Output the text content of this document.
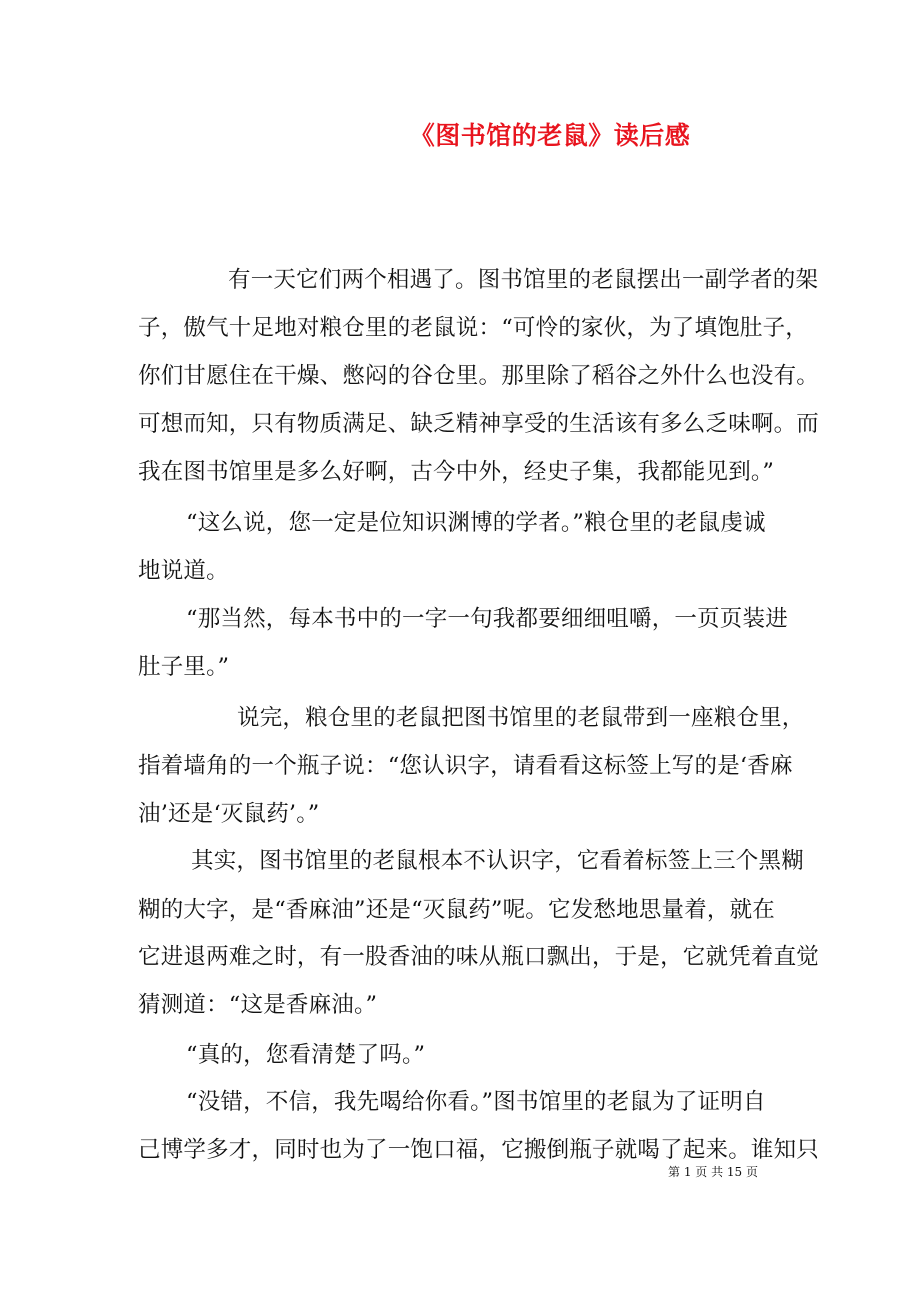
《图书馆的老鼠》读后感
有一天它们两个相遇了。图书馆里的老鼠摆出一副学者的架
子，傲气十足地对粮仓里的老鼠说：“可怜的家伙，为了填饱肚子，
你们甘愿住在干燥、憋闷的谷仓里。那里除了稻谷之外什么也没有。
可想而知，只有物质满足、缺乏精神享受的生活该有多么乏味啊。而
我在图书馆里是多么好啊，古今中外，经史子集，我都能见到。”
“这么说，您一定是位知识渊博的学者。”粮仓里的老鼠虔诚
地说道。
“那当然，每本书中的一字一句我都要细细咀嚼，一页页装进
肚子里。”
说完，粮仓里的老鼠把图书馆里的老鼠带到一座粮仓里，
指着墙角的一个瓶子说：“您认识字，请看看这标签上写的是‘香麻
油’还是‘灭鼠药’。”
其实，图书馆里的老鼠根本不认识字，它看着标签上三个黑糊
糊的大字，是“香麻油”还是“灭鼠药”呢。它发愁地思量着，就在
它进退两难之时，有一股香油的味从瓶口飘出，于是，它就凭着直觉
猜测道：“这是香麻油。”
“真的，您看清楚了吗。”
“没错，不信，我先喝给你看。”图书馆里的老鼠为了证明自
己博学多才，同时也为了一饱口福，它搬倒瓶子就喝了起来。谁知只
第 1 页 共 15 页
